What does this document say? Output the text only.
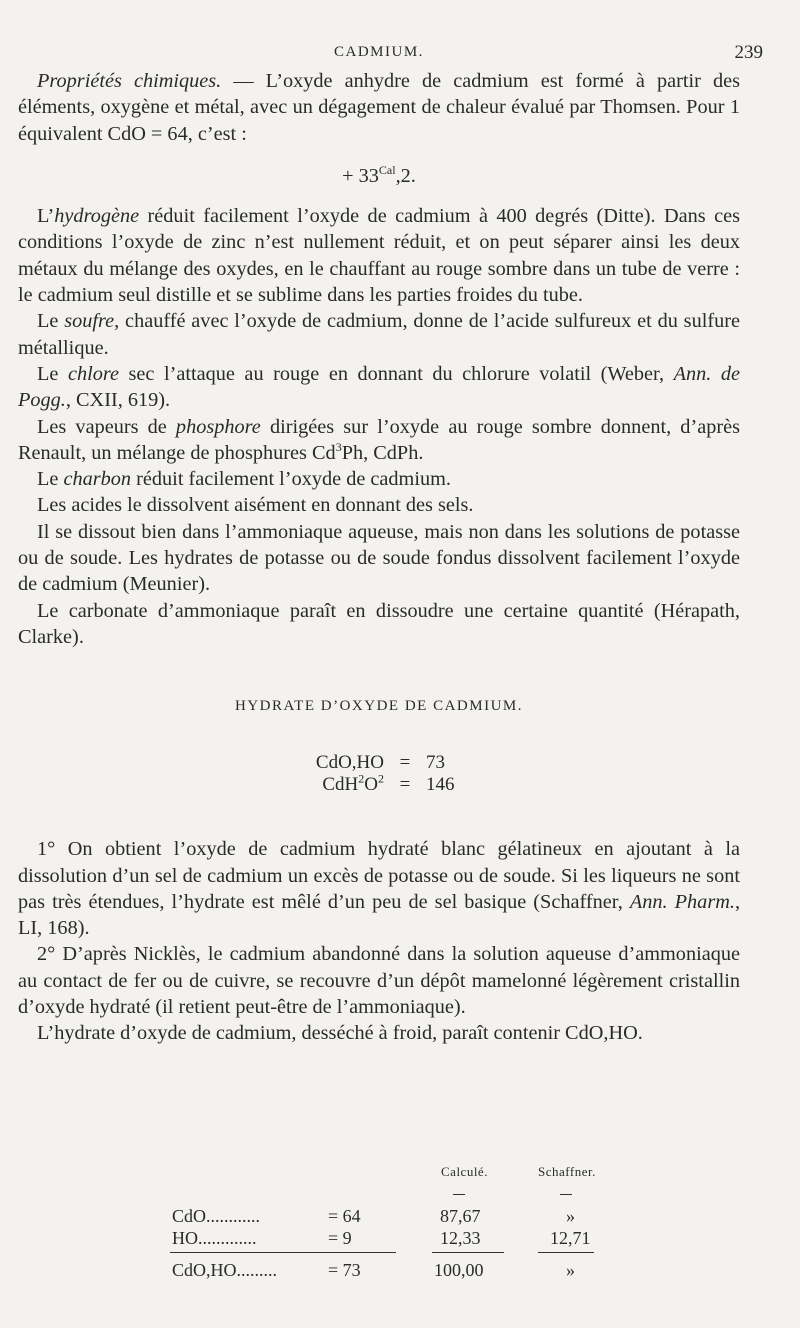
CADMIUM.	239

Propriétés chimiques. — L’oxyde anhydre de cadmium est formé à partir des éléments, oxygène et métal, avec un dégagement de chaleur évalué par Thomsen. Pour 1 équivalent CdO = 64, c’est :

+ $33^{Cal},2$.

L’hydrogène réduit facilement l’oxyde de cadmium à 400 degrés (Ditte). Dans ces conditions l’oxyde de zinc n’est nullement réduit, et on peut séparer ainsi les deux métaux du mélange des oxydes, en le chauffant au rouge sombre dans un tube de verre : le cadmium seul distille et se sublime dans les parties froides du tube.

Le soufre, chauffé avec l’oxyde de cadmium, donne de l’acide sulfureux et du sulfure métallique.

Le chlore sec l’attaque au rouge en donnant du chlorure volatil (Weber, Ann. de Pogg., CXII, 619).

Les vapeurs de phosphore dirigées sur l’oxyde au rouge sombre donnent, d’après Renault, un mélange de phosphures Cd$^3$Ph, CdPh.

Le charbon réduit facilement l’oxyde de cadmium.

Les acides le dissolvent aisément en donnant des sels.

Il se dissout bien dans l’ammoniaque aqueuse, mais non dans les solutions de potasse ou de soude. Les hydrates de potasse ou de soude fondus dissolvent facilement l’oxyde de cadmium (Meunier).

Le carbonate d’ammoniaque paraît en dissoudre une certaine quantité (Hérapath, Clarke).

HYDRATE D’OXYDE DE CADMIUM.

CdO,HO = 73
$CdH^2O^2 = 146$

1° On obtient l’oxyde de cadmium hydraté blanc gélatineux en ajoutant à la dissolution d’un sel de cadmium un excès de potasse ou de soude. Si les liqueurs ne sont pas très étendues, l’hydrate est mêlé d’un peu de sel basique (Schaffner, Ann. Pharm., LI, 168).

2° D’après Nicklès, le cadmium abandonné dans la solution aqueuse d’ammoniaque au contact de fer ou de cuivre, se recouvre d’un dépôt mamelonné légèrement cristallin d’oxyde hydraté (il retient peut-être de l’ammoniaque).

L’hydrate d’oxyde de cadmium, desséché à froid, paraît contenir CdO,HO.

Calculé.	Schaffner.
CdO............	= 64	87,67	»
HO.............	= 9	12,33	12,71
CdO,HO.........	= 73	100,00	»
